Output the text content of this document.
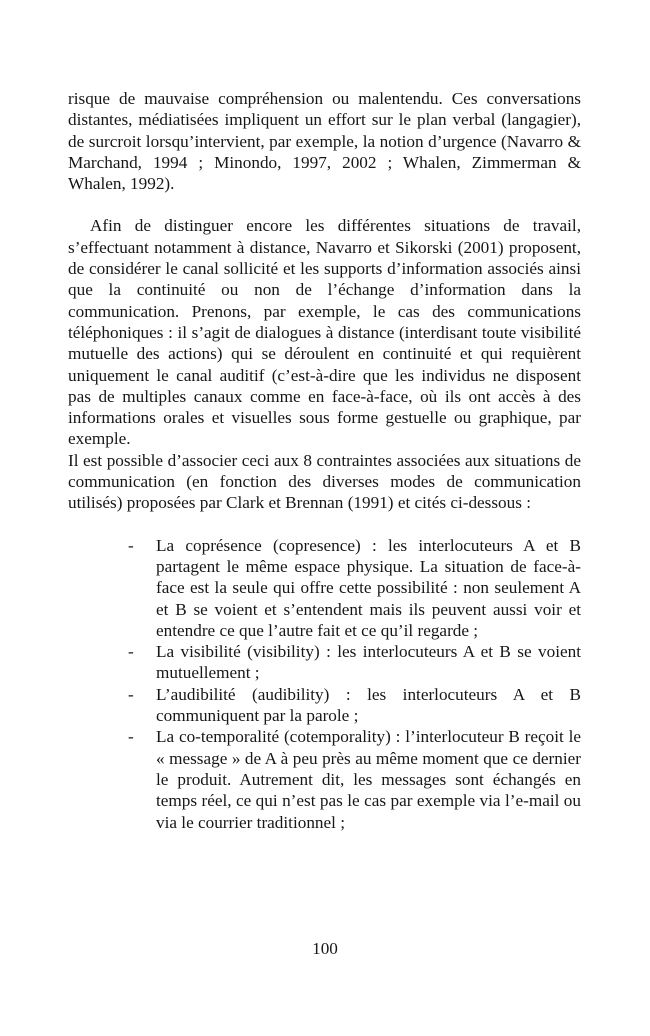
risque de mauvaise compréhension ou malentendu. Ces conversations distantes, médiatisées impliquent un effort sur le plan verbal (langagier), de surcroit lorsqu’intervient, par exemple, la notion d’urgence (Navarro & Marchand, 1994 ; Minondo, 1997, 2002 ; Whalen, Zimmerman & Whalen, 1992).

Afin de distinguer encore les différentes situations de travail, s’effectuant notamment à distance, Navarro et Sikorski (2001) proposent, de considérer le canal sollicité et les supports d’information associés ainsi que la continuité ou non de l’échange d’information dans la communication. Prenons, par exemple, le cas des communications téléphoniques : il s’agit de dialogues à distance (interdisant toute visibilité mutuelle des actions) qui se déroulent en continuité et qui requièrent uniquement le canal auditif (c’est-à-dire que les individus ne disposent pas de multiples canaux comme en face-à-face, où ils ont accès à des informations orales et visuelles sous forme gestuelle ou graphique, par exemple.

Il est possible d’associer ceci aux 8 contraintes associées aux situations de communication (en fonction des diverses modes de communication utilisés) proposées par Clark et Brennan (1991) et cités ci-dessous :

-	La coprésence (copresence) : les interlocuteurs A et B partagent le même espace physique. La situation de face-à-face est la seule qui offre cette possibilité : non seulement A et B se voient et s’entendent mais ils peuvent aussi voir et entendre ce que l’autre fait et ce qu’il regarde ;
-	La visibilité (visibility) : les interlocuteurs A et B se voient mutuellement ;
-	L’audibilité (audibility) : les interlocuteurs A et B communiquent par la parole ;
-	La co-temporalité (cotemporality) : l’interlocuteur B reçoit le « message » de A à peu près au même moment que ce dernier le produit. Autrement dit, les messages sont échangés en temps réel, ce qui n’est pas le cas par exemple via l’e-mail ou via le courrier traditionnel ;
100
